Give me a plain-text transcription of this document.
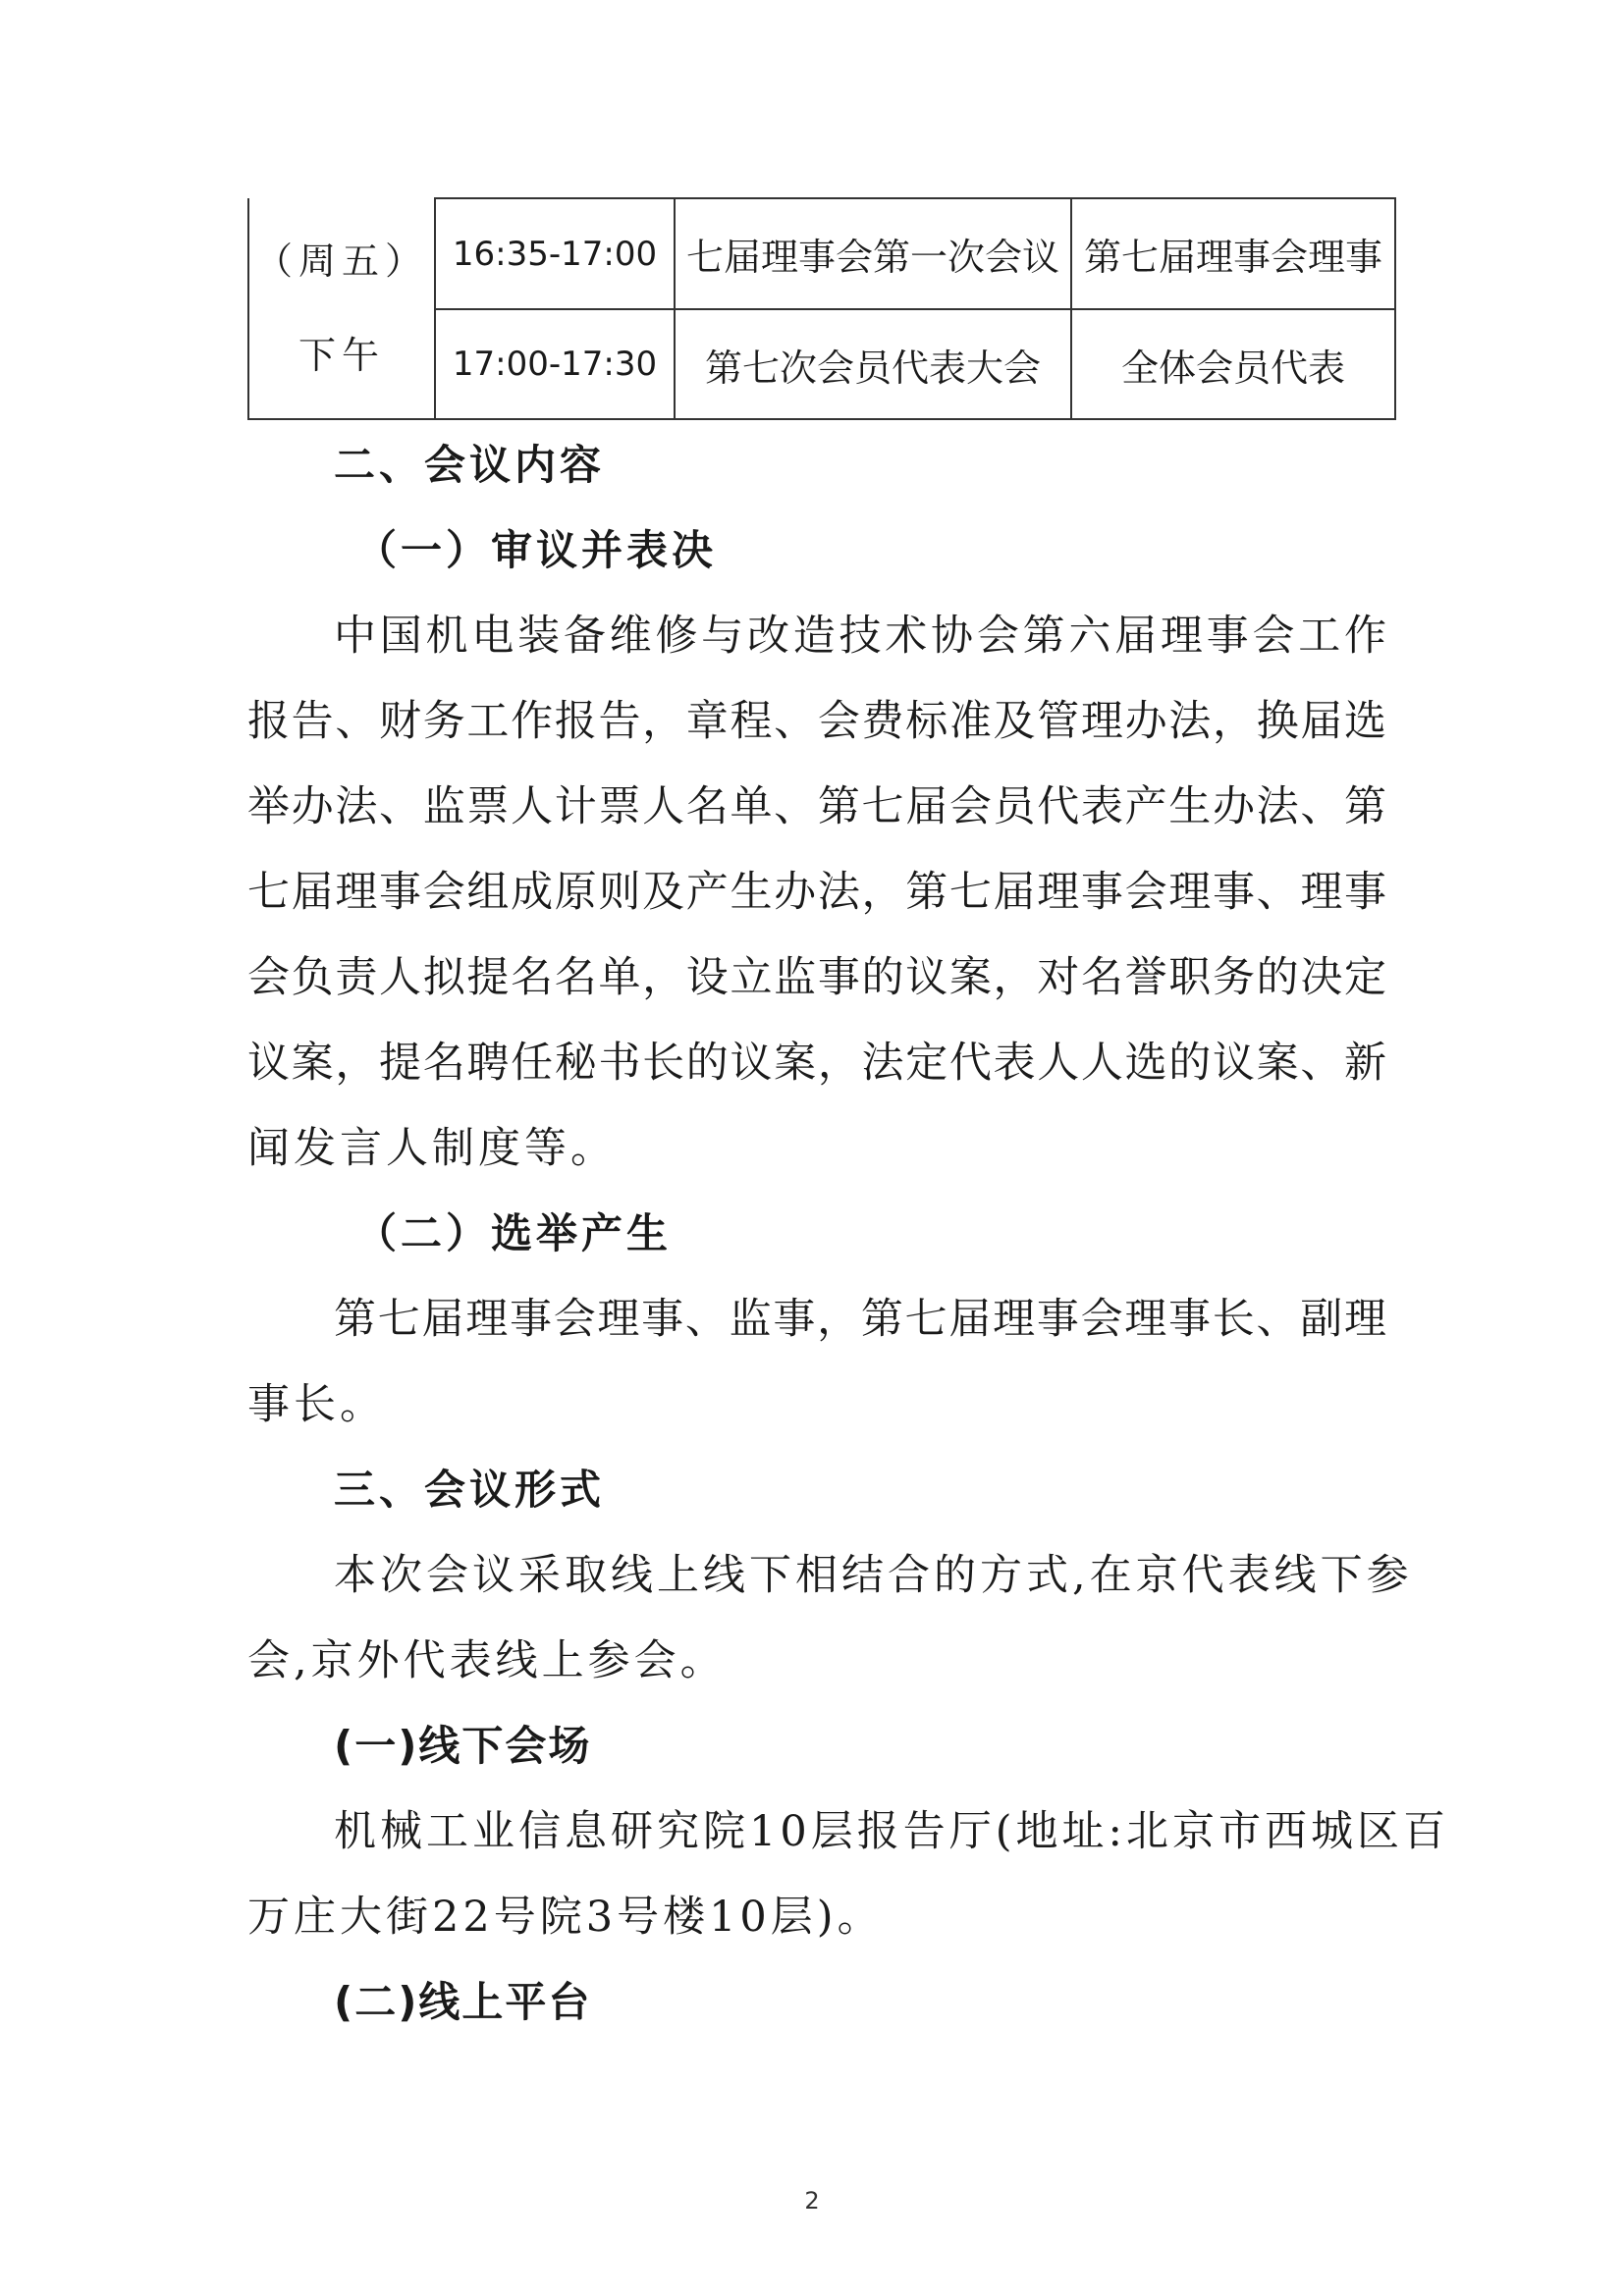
（周五）
下午	16:35-17:00	七届理事会第一次会议	第七届理事会理事
	17:00-17:30	第七次会员代表大会	全体会员代表

二、会议内容

（一）审议并表决

中国机电装备维修与改造技术协会第六届理事会工作

报告、财务工作报告，章程、会费标准及管理办法，换届选

举办法、监票人计票人名单、第七届会员代表产生办法、第

七届理事会组成原则及产生办法，第七届理事会理事、理事

会负责人拟提名名单，设立监事的议案，对名誉职务的决定

议案，提名聘任秘书长的议案，法定代表人人选的议案、新

闻发言人制度等。

（二）选举产生

第七届理事会理事、监事，第七届理事会理事长、副理

事长。

三、会议形式

本次会议采取线上线下相结合的方式,在京代表线下参

会,京外代表线上参会。

(一)线下会场

机械工业信息研究院10层报告厅(地址:北京市西城区百

万庄大街22号院3号楼10层)。

(二)线上平台

2
